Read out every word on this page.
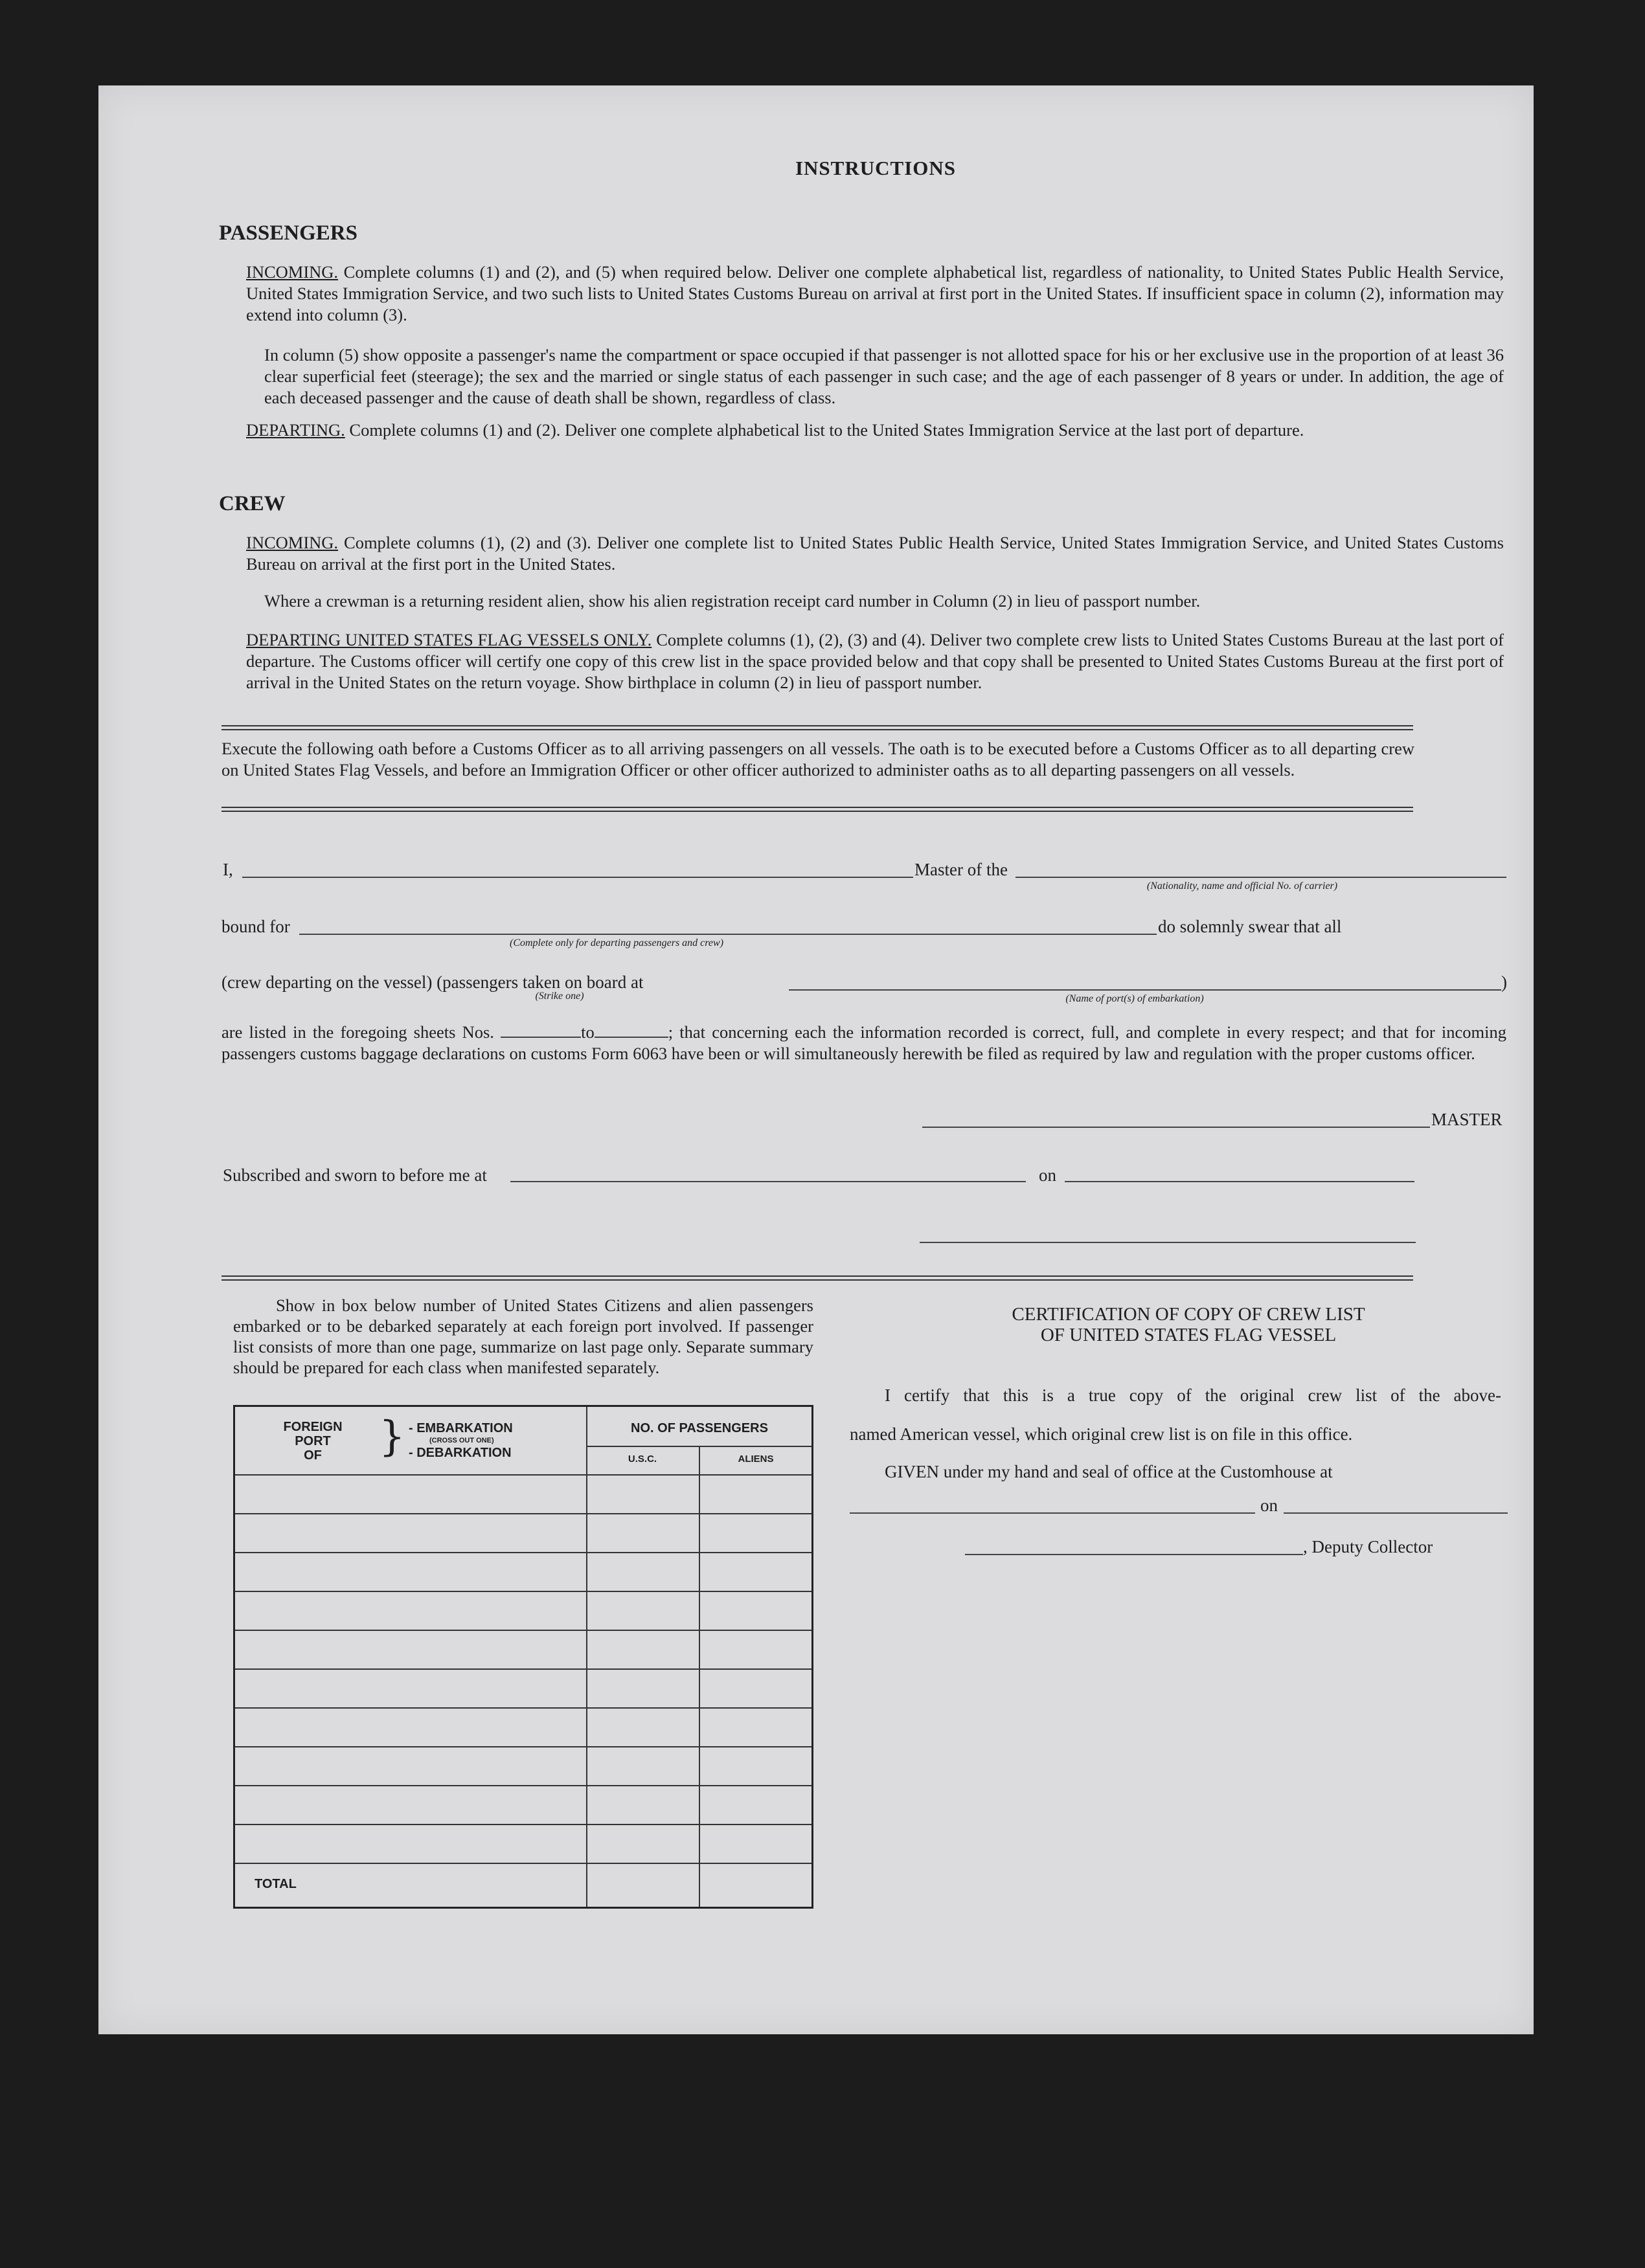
INSTRUCTIONS
PASSENGERS
INCOMING. Complete columns (1) and (2), and (5) when required below. Deliver one complete alphabetical list, regardless of nationality, to United States Public Health Service, United States Immigration Service, and two such lists to United States Customs Bureau on arrival at first port in the United States. If insufficient space in column (2), information may extend into column (3).
In column (5) show opposite a passenger's name the compartment or space occupied if that passenger is not allotted space for his or her exclusive use in the proportion of at least 36 clear superficial feet (steerage); the sex and the married or single status of each passenger in such case; and the age of each passenger of 8 years or under. In addition, the age of each deceased passenger and the cause of death shall be shown, regardless of class.
DEPARTING. Complete columns (1) and (2). Deliver one complete alphabetical list to the United States Immigration Service at the last port of departure.
CREW
INCOMING. Complete columns (1), (2) and (3). Deliver one complete list to United States Public Health Service, United States Immigration Service, and United States Customs Bureau on arrival at the first port in the United States.
Where a crewman is a returning resident alien, show his alien registration receipt card number in Column (2) in lieu of passport number.
DEPARTING UNITED STATES FLAG VESSELS ONLY. Complete columns (1), (2), (3) and (4). Deliver two complete crew lists to United States Customs Bureau at the last port of departure. The Customs officer will certify one copy of this crew list in the space provided below and that copy shall be presented to United States Customs Bureau at the first port of arrival in the United States on the return voyage. Show birthplace in column (2) in lieu of passport number.
Execute the following oath before a Customs Officer as to all arriving passengers on all vessels. The oath is to be executed before a Customs Officer as to all departing crew on United States Flag Vessels, and before an Immigration Officer or other officer authorized to administer oaths as to all departing passengers on all vessels.
I,	Master of the
(Nationality, name and official No. of carrier)
bound for
(Complete only for departing passengers and crew)
do solemnly swear that all
(crew departing on the vessel) (passengers taken on board at
(Strike one)	(Name of port(s) of embarkation)
)
are listed in the foregoing sheets Nos.	to	; that concerning each the information recorded is correct, full, and complete in every respect; and that for incoming passengers customs baggage declarations on customs Form 6063 have been or will simultaneously herewith be filed as required by law and regulation with the proper customs officer.
MASTER
Subscribed and sworn to before me at	on
Show in box below number of United States Citizens and alien passengers embarked or to be debarked separately at each foreign port involved. If passenger list consists of more than one page, summarize on last page only. Separate summary should be prepared for each class when manifested separately.
FOREIGN
PORT
OF	} - EMBARKATION
(CROSS OUT ONE)
- DEBARKATION
NO. OF PASSENGERS
U.S.C.	ALIENS
TOTAL
CERTIFICATION OF COPY OF CREW LIST
OF UNITED STATES FLAG VESSEL
I certify that this is a true copy of the original crew list of the above-
named American vessel, which original crew list is on file in this office.
GIVEN under my hand and seal of office at the Customhouse at
on
, Deputy Collector
